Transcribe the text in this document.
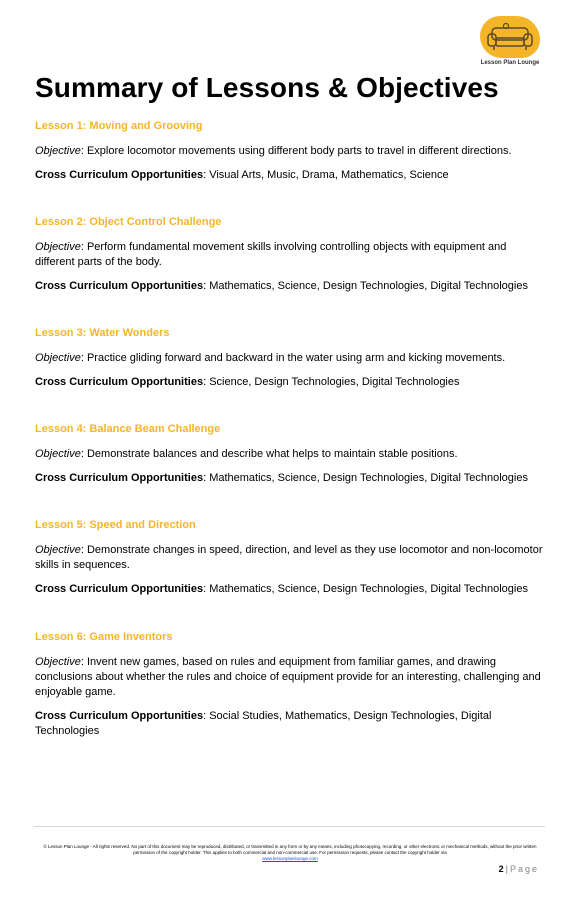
Lesson Plan Lounge
Summary of Lessons & Objectives

Lesson 1: Moving and Grooving

Objective: Explore locomotor movements using different body parts to travel in different directions.

Cross Curriculum Opportunities: Visual Arts, Music, Drama, Mathematics, Science

Lesson 2: Object Control Challenge

Objective: Perform fundamental movement skills involving controlling objects with equipment and different parts of the body.

Cross Curriculum Opportunities: Mathematics, Science, Design Technologies, Digital Technologies

Lesson 3: Water Wonders

Objective: Practice gliding forward and backward in the water using arm and kicking movements.

Cross Curriculum Opportunities: Science, Design Technologies, Digital Technologies

Lesson 4: Balance Beam Challenge

Objective: Demonstrate balances and describe what helps to maintain stable positions.

Cross Curriculum Opportunities: Mathematics, Science, Design Technologies, Digital Technologies

Lesson 5: Speed and Direction

Objective: Demonstrate changes in speed, direction, and level as they use locomotor and non-locomotor skills in sequences.

Cross Curriculum Opportunities: Mathematics, Science, Design Technologies, Digital Technologies

Lesson 6: Game Inventors

Objective: Invent new games, based on rules and equipment from familiar games, and drawing conclusions about whether the rules and choice of equipment provide for an interesting, challenging and enjoyable game.

Cross Curriculum Opportunities: Social Studies, Mathematics, Design Technologies, Digital Technologies

© Lesson Plan Lounge - All rights reserved. No part of this document may be reproduced, distributed, or transmitted in any form or by any means, including photocopying, recording, or other electronic or mechanical methods, without the prior written permission of the copyright holder. This applies to both commercial and non-commercial use. For permission requests, please contact the copyright holder via
www.lessonplanlounge.com
2 | Page
